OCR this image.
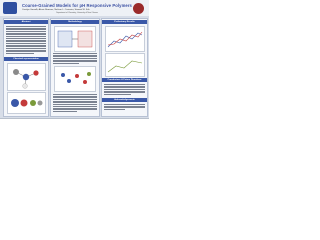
Coarse-Grained Models for pH Responsive Polymers
Carolyn Gorzelli, Alexis Ramirez, Neilson L. Casimiro, Stewart W. Krik
Department of Chemistry, University of New Orleans
Abstract
Chemical representation
Methodology	Preliminary Results
Conclusions & Future Directions
Acknowledgements
